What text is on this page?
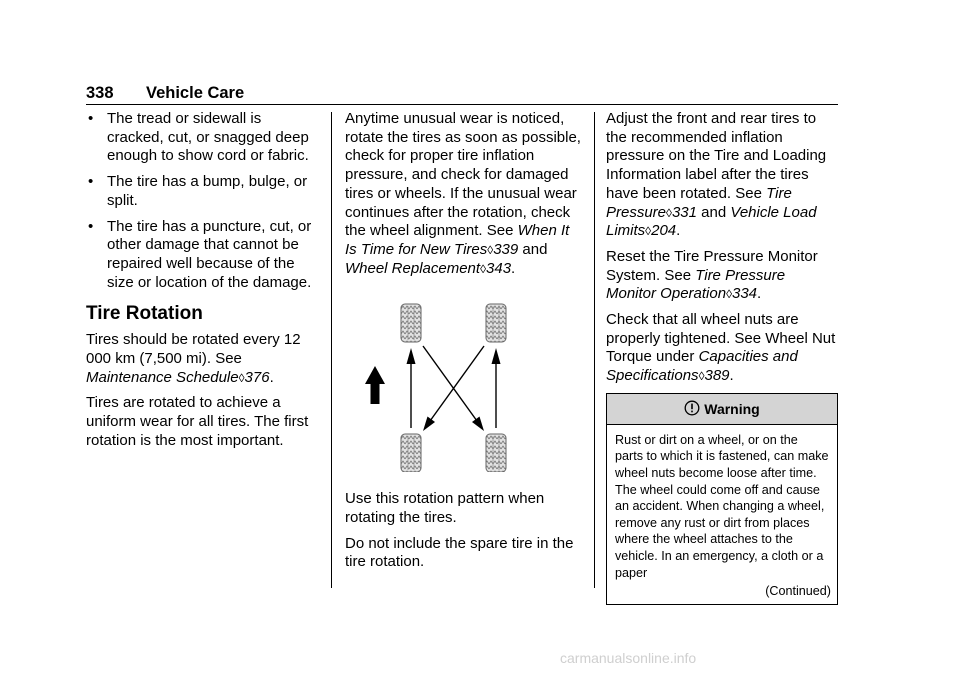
338 Vehicle Care
• The tread or sidewall is cracked, cut, or snagged deep enough to show cord or fabric.
• The tire has a bump, bulge, or split.
• The tire has a puncture, cut, or other damage that cannot be repaired well because of the size or location of the damage.
Tire Rotation

Tires should be rotated every 12 000 km (7,500 mi). See Maintenance Schedule◊376.

Tires are rotated to achieve a uniform wear for all tires. The first rotation is the most important.

Anytime unusual wear is noticed, rotate the tires as soon as possible, check for proper tire inflation pressure, and check for damaged tires or wheels. If the unusual wear continues after the rotation, check the wheel alignment. See When It Is Time for New Tires◊339 and Wheel Replacement◊343.

Use this rotation pattern when rotating the tires.

Do not include the spare tire in the tire rotation.

Adjust the front and rear tires to the recommended inflation pressure on the Tire and Loading Information label after the tires have been rotated. See Tire Pressure◊331 and Vehicle Load Limits◊204.

Reset the Tire Pressure Monitor System. See Tire Pressure Monitor Operation◊334.

Check that all wheel nuts are properly tightened. See Wheel Nut Torque under Capacities and Specifications◊389.

Warning
Rust or dirt on a wheel, or on the parts to which it is fastened, can make wheel nuts become loose after time. The wheel could come off and cause an accident. When changing a wheel, remove any rust or dirt from places where the wheel attaches to the vehicle. In an emergency, a cloth or a paper
(Continued)
carmanualsonline.info
